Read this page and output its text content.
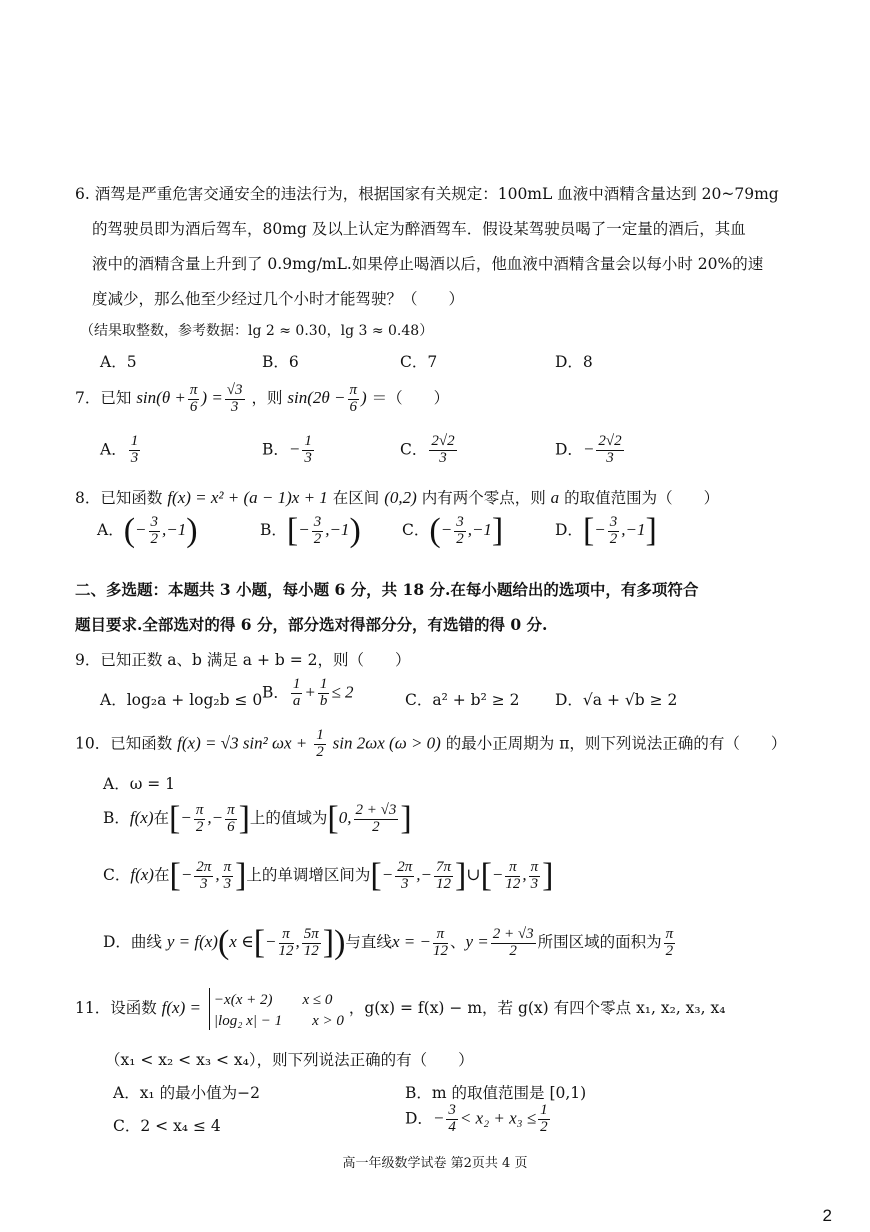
6. 酒驾是严重危害交通安全的违法行为，根据国家有关规定：100mL 血液中酒精含量达到 20~79mg
的驾驶员即为酒后驾车，80mg 及以上认定为醉酒驾车．假设某驾驶员喝了一定量的酒后，其血
液中的酒精含量上升到了 0.9mg/mL.如果停止喝酒以后，他血液中酒精含量会以每小时 20%的速
度减少，那么他至少经过几个小时才能驾驶？（　　）
（结果取整数，参考数据：lg 2 ≈ 0.30，lg 3 ≈ 0.48）
A．5	B．6	C．7	D．8
7．已知 $\sin(\theta + \frac{\pi}{6}$ ) = $\frac{√3}{3}$ ，则 $\sin(2\theta - \frac{\pi}{6}$ ) ＝（　　）
A． $\frac{1}{3}$	B．− $\frac{1}{3}$	C． $\frac{2√2}{3}$	D．− $\frac{2√2}{3}$
8．已知函数 f(x) = x² + (a − 1)x + 1 在区间 (0,2) 内有两个零点，则 a 的取值范围为（　　）
A．(− $\frac{3}{2} ,-1$)	B．[− $\frac{3}{2} ,-1$)	C．(− $\frac{3}{2} ,-1$]	D．[− $\frac{3}{2} ,-1$]
二、多选题：本题共 3 小题，每小题 6 分，共 18 分.在每小题给出的选项中，有多项符合
题目要求.全部选对的得 6 分，部分选对得部分分，有选错的得 0 分.
9．已知正数 a、b 满足 a + b = 2，则（　　）
A．log₂a + log₂b ≤ 0 B． $\frac{1}{a} + \frac{1}{b} \le 2$	C．a² + b² ≥ 2 D．√a + √b ≥ 2
10．已知函数 f(x) = √3 sin² $\omega x + \frac{1}{2}$ sin 2ωx (ω > 0) 的最小正周期为 π，则下列说法正确的有（　　）
A．ω = 1
B．f(x)在[− $\frac{\pi}{2}$ ,− $\frac{\pi}{6}$ ]上的值域为[0, $\frac{2 + √3}{2}$ ]
C．f(x)在[− $\frac{2\pi}{3}$ , $\frac{\pi}{3}$ ]上的单调增区间为[− $\frac{2\pi}{3}$ ,− $\frac{7\pi}{12}$ ]∪[− $\frac{\pi}{12}$ , $\frac{\pi}{3}$ ]
D．曲线 y = f(x)(x ∈[− $\frac{\pi}{12}$ , $\frac{5\pi}{12}$ ])与直线x = − $\frac{\pi}{12}$ 、$y = \frac{2 + √3}{2}$ 所围区域的面积为 $\frac{\pi}{2}$
11．设函数 f(x) = −x(x + 2)　　x ≤ 0
|log₂ x| − 1　　x > 0
，g(x) = f(x) − m，若 g(x) 有四个零点 x₁, x₂, x₃, x₄
（x₁ < x₂ < x₃ < x₄），则下列说法正确的有（　　）
A．x₁ 的最小值为−2	B．m 的取值范围是 [0,1)
C．2 < x₄ ≤ 4	D．− $\frac{3}{4} < x_2 + x_3 \le \frac{1}{2}$
高一年级数学试卷 第2页共 4 页
2
